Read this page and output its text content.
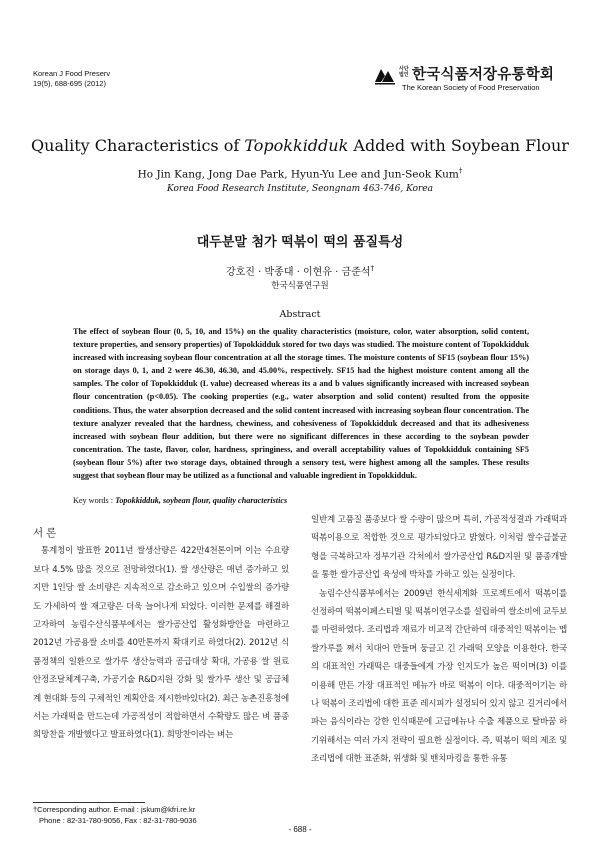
Korean J Food Preserv
19(5), 688-695 (2012)
사단법인 한국식품저장유통학회
The Korean Society of Food Preservation
Quality Characteristics of Topokkidduk Added with Soybean Flour
Ho Jin Kang, Jong Dae Park, Hyun-Yu Lee and Jun-Seok Kum†
Korea Food Research Institute, Seongnam 463-746, Korea
대두분말 첨가 떡볶이 떡의 품질특성
강호진 · 박종대 · 이현유 · 금준석†
한국식품연구원
Abstract
The effect of soybean flour (0, 5, 10, and 15%) on the quality characteristics (moisture, color, water absorption, solid content, texture properties, and sensory properties) of Topokkidduk stored for two days was studied. The moisture content of Topokkidduk increased with increasing soybean flour concentration at all the storage times. The moisture contents of SF15 (soybean flour 15%) on storage days 0, 1, and 2 were 46.30, 46.30, and 45.00%, respectively. SF15 had the highest moisture content among all the samples. The color of Topokkidduk (L value) decreased whereas its a and b values significantly increased with increased soybean flour concentration (p<0.05). The cooking properties (e.g., water absorption and solid content) resulted from the opposite conditions. Thus, the water absorption decreased and the solid content increased with increasing soybean flour concentration. The texture analyzer revealed that the hardness, chewiness, and cohesiveness of Topokkidduk decreased and that its adhesiveness increased with soybean flour addition, but there were no significant differences in these according to the soybean powder concentration. The taste, flavor, color, hardness, springiness, and overall acceptability values of Topokkidduk containing SF5 (soybean flour 5%) after two storage days, obtained through a sensory test, were highest among all the samples. These results suggest that soybean flour may be utilized as a functional and valuable ingredient in Topokkidduk.
Key words : Topokkidduk, soybean flour, quality characteristics

서 론

통계청이 발표한 2011년 쌀생산량은 422만4천톤이며 이는 수요량보다 4.5% 많을 것으로 전망하였다(1). 쌀 생산량은 매년 증가하고 있지만 1인당 쌀 소비량은 지속적으로 감소하고 있으며 수입쌀의 증가량도 가세하여 쌀 재고량은 더욱 늘어나게 되었다. 이러한 문제를 해결하고자하여 농림수산식품부에서는 쌀가공산업 활성화방안을 마련하고 2012년 가공용쌀 소비를 40만톤까지 확대키로 하였다(2). 2012년 식품정책의 일환으로 쌀가루 생산능력과 공급대상 확대, 가공용 쌀 원료 안정조달체계구축, 가공기술 R&D지원 강화 및 쌀가루 생산 및 공급체계 현대화 등의 구체적인 계획안을 제시한바있다(2). 최근 농촌진흥청에서는 가래떡을 만드는데 가공적성이 적합하면서 수확량도 많은 벼 품종 희망찬을 개발했다고 발표하였다(1). 희망찬이라는 벼는

일반계 고품질 품종보다 쌀 수량이 많으며 특히, 가공적성결과 가래떡과 떡볶이용으로 적합한 것으로 평가되었다고 밝혔다. 이처럼 쌀수급불균형을 극복하고자 정부기관 각처에서 쌀가공산업 R&D지원 및 품종개발을 통한 쌀가공산업 육성에 박차를 가하고 있는 실정이다.

농림수산식품부에서는 2009년 한식세계화 프로젝트에서 떡볶이를 선정하여 떡볶이페스티벌 및 떡볶이연구소를 설립하여 쌀소비에 교두보를 마련하였다. 조리법과 재료가 비교적 간단하여 대중적인 떡볶이는 멥쌀가루를 쪄서 치대어 만들며 둥글고 긴 가래떡 모양을 이용한다. 한국의 대표적인 가래떡은 대중들에게 가장 인지도가 높은 떡이며(3) 이를 이용해 만든 가장 대표적인 메뉴가 바로 떡볶이 이다. 대중적이기는 하나 떡볶이 조리법에 대한 표준 레시피가 설정되어 있지 않고 길거리에서 파는 음식이라는 강한 인식때문에 고급메뉴나 수출 제품으로 탈바꿈 하기위해서는 여러 가지 전략이 필요한 실정이다. 즉, 떡볶이 떡의 제조 및 조리법에 대한 표준화, 위생화 및 밴치마킹을 통한 유통

†Corresponding author. E-mail : jskum@kfri.re.kr
Phone : 82-31-780-9056, Fax : 82-31-780-9036
- 688 -
